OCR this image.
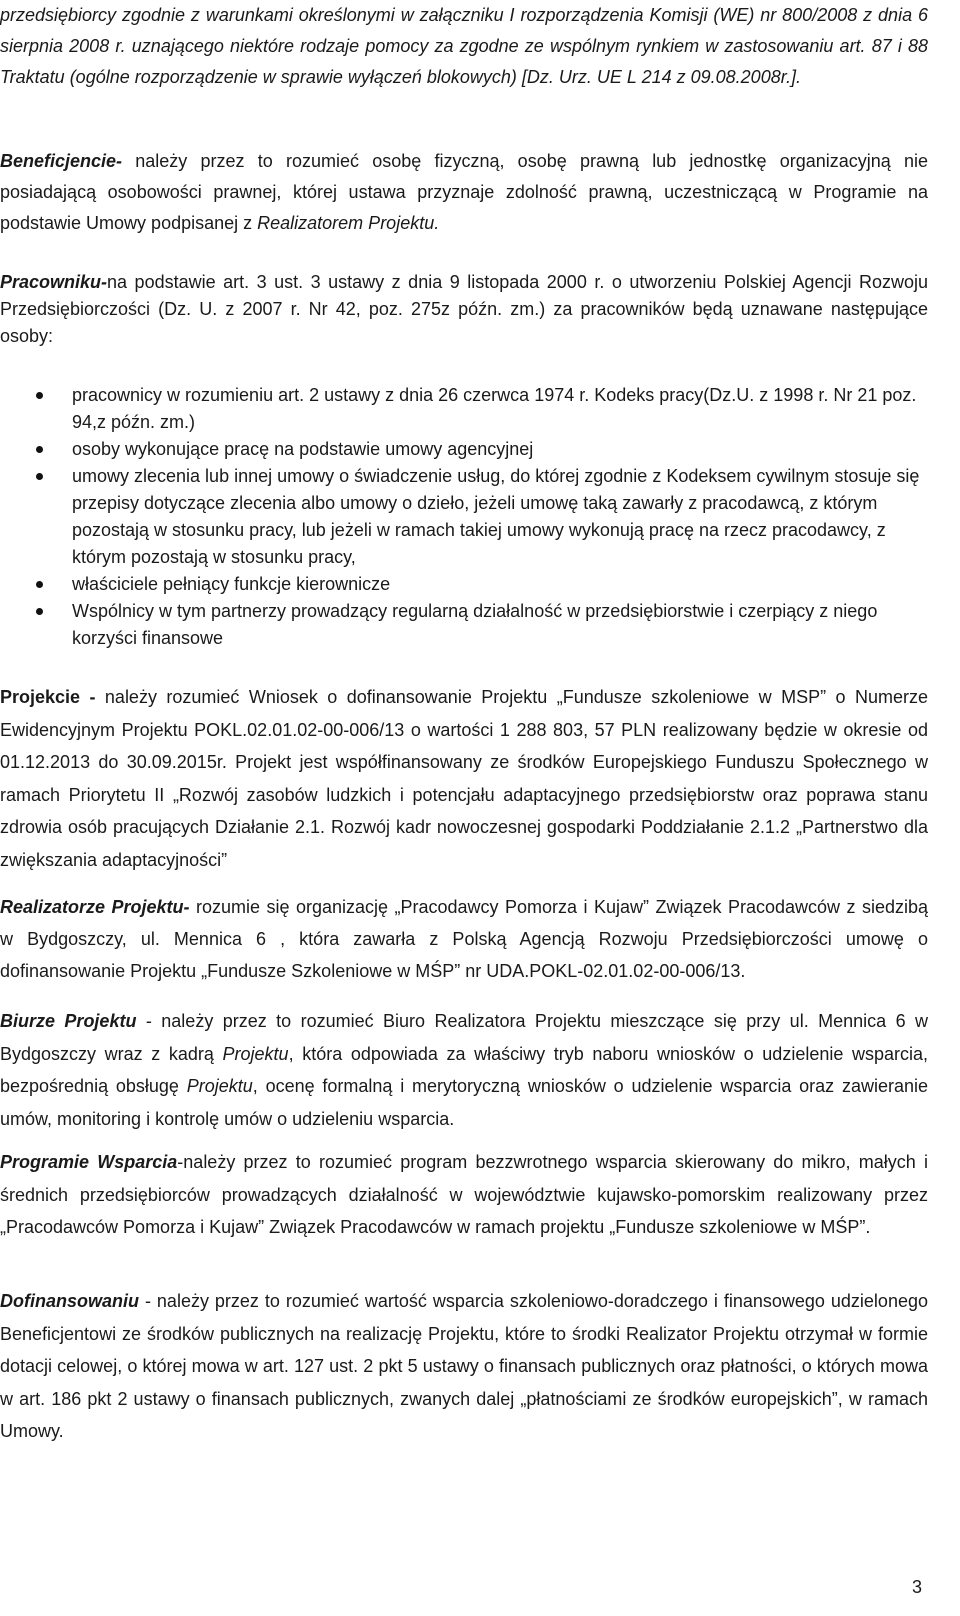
przedsiębiorcy zgodnie z warunkami określonymi w załączniku I rozporządzenia Komisji (WE) nr 800/2008 z dnia 6 sierpnia 2008 r. uznającego niektóre rodzaje pomocy za zgodne ze wspólnym rynkiem w zastosowaniu art. 87 i 88 Traktatu (ogólne rozporządzenie w sprawie wyłączeń blokowych) [Dz. Urz. UE L 214 z 09.08.2008r.].
Beneficjencie- należy przez to rozumieć osobę fizyczną, osobę prawną lub jednostkę organizacyjną nie posiadającą osobowości prawnej, której ustawa przyznaje zdolność prawną, uczestniczącą w Programie na podstawie Umowy podpisanej z Realizatorem Projektu.
Pracowniku-na podstawie art. 3 ust. 3 ustawy z dnia 9 listopada 2000 r. o utworzeniu Polskiej Agencji Rozwoju Przedsiębiorczości (Dz. U. z 2007 r. Nr 42, poz. 275z późn. zm.) za pracowników będą uznawane następujące osoby:
pracownicy w rozumieniu art. 2 ustawy z dnia 26 czerwca 1974 r. Kodeks pracy(Dz.U. z 1998 r. Nr 21 poz. 94,z późn. zm.)
osoby wykonujące pracę na podstawie umowy agencyjnej
umowy zlecenia lub innej umowy o świadczenie usług, do której zgodnie z Kodeksem cywilnym stosuje się przepisy dotyczące zlecenia albo umowy o dzieło, jeżeli umowę taką zawarły z pracodawcą, z którym pozostają w stosunku pracy, lub jeżeli w ramach takiej umowy wykonują pracę na rzecz pracodawcy, z którym pozostają w stosunku pracy,
właściciele pełniący funkcje kierownicze
Wspólnicy w tym partnerzy prowadzący regularną działalność w przedsiębiorstwie i czerpiący z niego korzyści finansowe
Projekcie - należy rozumieć Wniosek o dofinansowanie Projektu „Fundusze szkoleniowe w MSP” o Numerze Ewidencyjnym Projektu POKL.02.01.02-00-006/13 o wartości 1 288 803, 57 PLN realizowany będzie w okresie od 01.12.2013 do 30.09.2015r. Projekt jest współfinansowany ze środków Europejskiego Funduszu Społecznego w ramach Priorytetu II „Rozwój zasobów ludzkich i potencjału adaptacyjnego przedsiębiorstw oraz poprawa stanu zdrowia osób pracujących Działanie 2.1. Rozwój kadr nowoczesnej gospodarki Poddziałanie 2.1.2 „Partnerstwo dla zwiększania adaptacyjności”
Realizatorze Projektu- rozumie się organizację „Pracodawcy Pomorza i Kujaw” Związek Pracodawców z siedzibą w Bydgoszczy, ul. Mennica 6 , która zawarła z Polską Agencją Rozwoju Przedsiębiorczości umowę o dofinansowanie Projektu „Fundusze Szkoleniowe w MŚP” nr UDA.POKL-02.01.02-00-006/13.
Biurze Projektu - należy przez to rozumieć Biuro Realizatora Projektu mieszczące się przy ul. Mennica 6 w Bydgoszczy wraz z kadrą Projektu, która odpowiada za właściwy tryb naboru wniosków o udzielenie wsparcia, bezpośrednią obsługę Projektu, ocenę formalną i merytoryczną wniosków o udzielenie wsparcia oraz zawieranie umów, monitoring i kontrolę umów o udzieleniu wsparcia.
Programie Wsparcia-należy przez to rozumieć program bezzwrotnego wsparcia skierowany do mikro, małych i średnich przedsiębiorców prowadzących działalność w województwie kujawsko-pomorskim realizowany przez „Pracodawców Pomorza i Kujaw” Związek Pracodawców w ramach projektu „Fundusze szkoleniowe w MŚP”.
Dofinansowaniu - należy przez to rozumieć wartość wsparcia szkoleniowo-doradczego i finansowego udzielonego Beneficjentowi ze środków publicznych na realizację Projektu, które to środki Realizator Projektu otrzymał w formie dotacji celowej, o której mowa w art. 127 ust. 2 pkt 5 ustawy o finansach publicznych oraz płatności, o których mowa w art. 186 pkt 2 ustawy o finansach publicznych, zwanych dalej „płatnościami ze środków europejskich”, w ramach Umowy.
3
